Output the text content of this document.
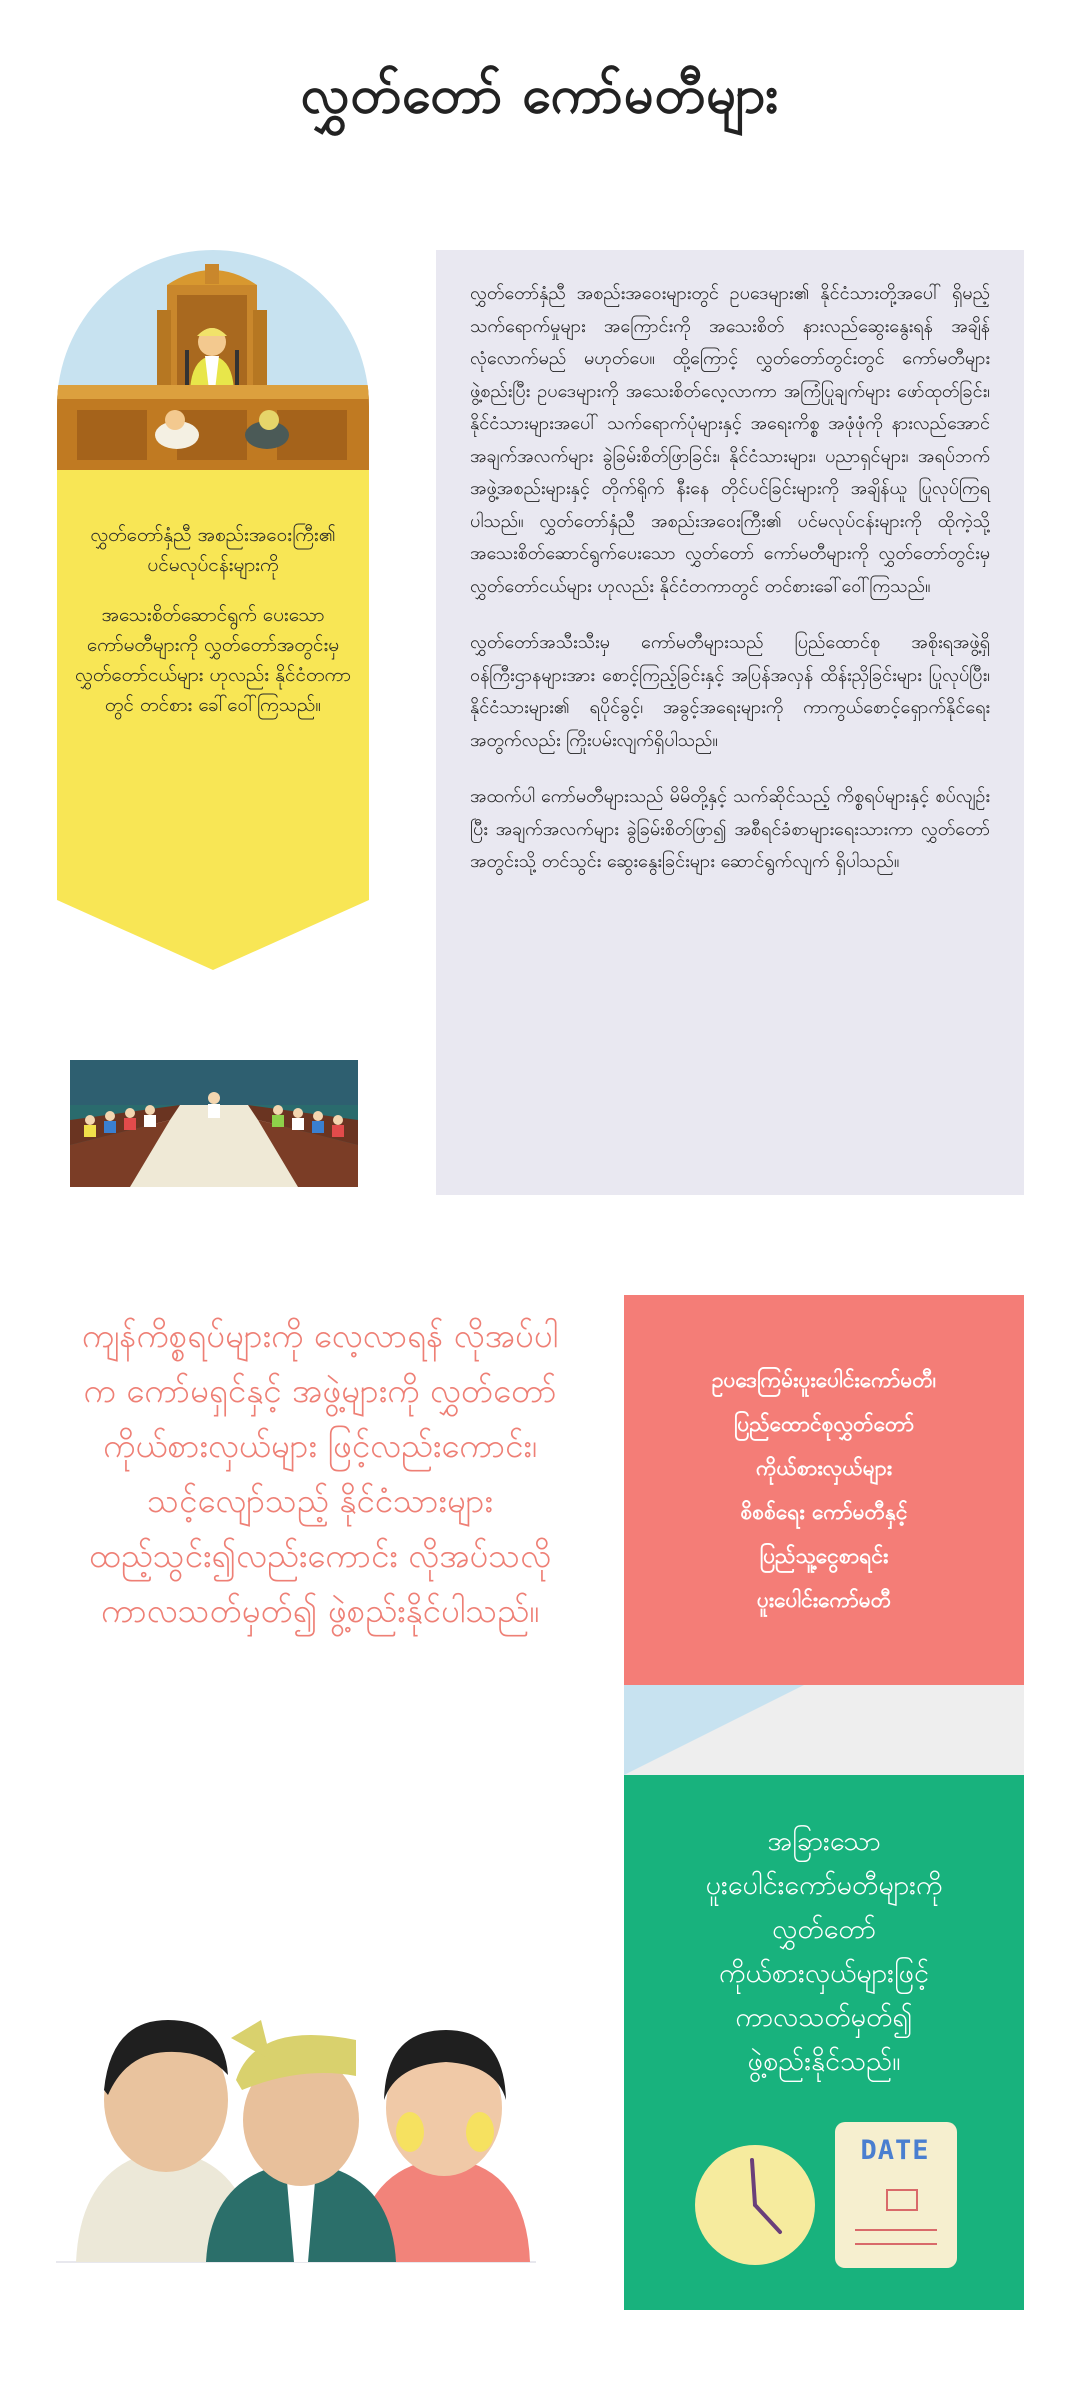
လွှတ်တော် ကော်မတီများ

လွှတ်တော်နှံညီ အစည်းအဝေးကြီး၏ ပင်မလုပ်ငန်းများကို

အသေးစိတ်ဆောင်ရွက် ပေးသော ကော်မတီများကို လွှတ်တော်အတွင်းမှ လွှတ်တော်ငယ်များ ဟုလည်း နိုင်ငံတကာတွင် တင်စား ခေါ်ဝေါ်ကြသည်။

လွှတ်တော်နှံညီ အစည်းအဝေးများတွင် ဥပဒေများ၏ နိုင်ငံသားတို့အပေါ် ရှိမည့် သက်ရောက်မှုများ အကြောင်းကို အသေးစိတ် နားလည်ဆွေးနွေးရန် အချိန်လုံလောက်မည် မဟုတ်ပေ။ ထို့ကြောင့် လွှတ်တော်တွင်းတွင် ကော်မတီများ ဖွဲ့စည်းပြီး ဥပဒေများကို အသေးစိတ်လေ့လာကာ အကြံပြုချက်များ ဖော်ထုတ်ခြင်း၊ နိုင်ငံသားများအပေါ် သက်ရောက်ပုံများနှင့် အရေးကိစ္စ အဖုံဖုံကို နားလည်အောင် အချက်အလက်များ ခွဲခြမ်းစိတ်ဖြာခြင်း၊ နိုင်ငံသားများ၊ ပညာရှင်များ၊ အရပ်ဘက်အဖွဲ့အစည်းများနှင့် တိုက်ရိုက် နီးနေ တိုင်ပင်ခြင်းများကို အချိန်ယူ ပြုလုပ်ကြရပါသည်။ လွှတ်တော်နှံညီ အစည်းအဝေးကြီး၏ ပင်မလုပ်ငန်းများကို ထိုကဲ့သို့ အသေးစိတ်ဆောင်ရွက်ပေးသော လွှတ်တော် ကော်မတီများကို လွှတ်တော်တွင်းမှ လွှတ်တော်ငယ်များ ဟုလည်း နိုင်ငံတကာတွင် တင်စားခေါ်ဝေါ်ကြသည်။

လွှတ်တော်အသီးသီးမှ ကော်မတီများသည် ပြည်ထောင်စု အစိုးရအဖွဲ့ရှိ ဝန်ကြီးဌာနများအား စောင့်ကြည့်ခြင်းနှင့် အပြန်အလှန် ထိန်းညှိခြင်းများ ပြုလုပ်ပြီး၊ နိုင်ငံသားများ၏ ရပိုင်ခွင့်၊ အခွင့်အရေးများကို ကာကွယ်စောင့်ရှောက်နိုင်ရေး အတွက်လည်း ကြိုးပမ်းလျက်ရှိပါသည်။

အထက်ပါ ကော်မတီများသည် မိမိတို့နှင့် သက်ဆိုင်သည့် ကိစ္စရပ်များနှင့် စပ်လျဉ်းပြီး အချက်အလက်များ ခွဲခြမ်းစိတ်ဖြာ၍ အစီရင်ခံစာများရေးသားကာ လွှတ်တော်အတွင်းသို့ တင်သွင်း ဆွေးနွေးခြင်းများ ဆောင်ရွက်လျက် ရှိပါသည်။

ကျန်ကိစ္စရပ်များကို လေ့လာရန် လိုအပ်ပါက ကော်မရှင်နှင့် အဖွဲ့များကို လွှတ်တော် ကိုယ်စားလှယ်များ ဖြင့်လည်းကောင်း၊ သင့်လျော်သည့် နိုင်ငံသားများ ထည့်သွင်း၍လည်းကောင်း လိုအပ်သလို ကာလသတ်မှတ်၍ ဖွဲ့စည်းနိုင်ပါသည်။
ဥပဒေကြမ်းပူးပေါင်းကော်မတီ၊
ပြည်ထောင်စုလွှတ်တော်
ကိုယ်စားလှယ်များ
စိစစ်ရေး ကော်မတီနှင့်
ပြည်သူ့ငွေစာရင်း
ပူးပေါင်းကော်မတီ
အခြားသော
ပူးပေါင်းကော်မတီများကို
လွှတ်တော်
ကိုယ်စားလှယ်များဖြင့်
ကာလသတ်မှတ်၍
ဖွဲ့စည်းနိုင်သည်။
DATE
